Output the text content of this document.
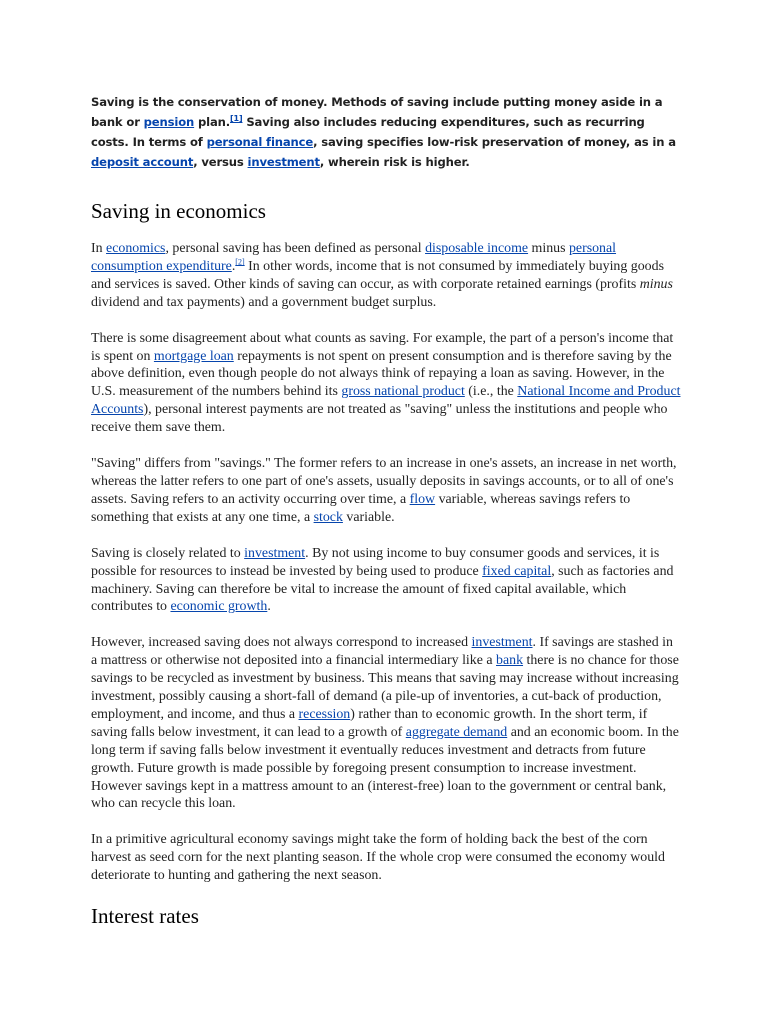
Saving is the conservation of money. Methods of saving include putting money aside in a bank or pension plan.[1] Saving also includes reducing expenditures, such as recurring costs. In terms of personal finance, saving specifies low-risk preservation of money, as in a deposit account, versus investment, wherein risk is higher.

Saving in economics

In economics, personal saving has been defined as personal disposable income minus personal consumption expenditure.[2] In other words, income that is not consumed by immediately buying goods and services is saved. Other kinds of saving can occur, as with corporate retained earnings (profits minus dividend and tax payments) and a government budget surplus.

There is some disagreement about what counts as saving. For example, the part of a person's income that is spent on mortgage loan repayments is not spent on present consumption and is therefore saving by the above definition, even though people do not always think of repaying a loan as saving. However, in the U.S. measurement of the numbers behind its gross national product (i.e., the National Income and Product Accounts), personal interest payments are not treated as "saving" unless the institutions and people who receive them save them.

"Saving" differs from "savings." The former refers to an increase in one's assets, an increase in net worth, whereas the latter refers to one part of one's assets, usually deposits in savings accounts, or to all of one's assets. Saving refers to an activity occurring over time, a flow variable, whereas savings refers to something that exists at any one time, a stock variable.

Saving is closely related to investment. By not using income to buy consumer goods and services, it is possible for resources to instead be invested by being used to produce fixed capital, such as factories and machinery. Saving can therefore be vital to increase the amount of fixed capital available, which contributes to economic growth.

However, increased saving does not always correspond to increased investment. If savings are stashed in a mattress or otherwise not deposited into a financial intermediary like a bank there is no chance for those savings to be recycled as investment by business. This means that saving may increase without increasing investment, possibly causing a short-fall of demand (a pile-up of inventories, a cut-back of production, employment, and income, and thus a recession) rather than to economic growth. In the short term, if saving falls below investment, it can lead to a growth of aggregate demand and an economic boom. In the long term if saving falls below investment it eventually reduces investment and detracts from future growth. Future growth is made possible by foregoing present consumption to increase investment. However savings kept in a mattress amount to an (interest-free) loan to the government or central bank, who can recycle this loan.

In a primitive agricultural economy savings might take the form of holding back the best of the corn harvest as seed corn for the next planting season. If the whole crop were consumed the economy would deteriorate to hunting and gathering the next season.

Interest rates
